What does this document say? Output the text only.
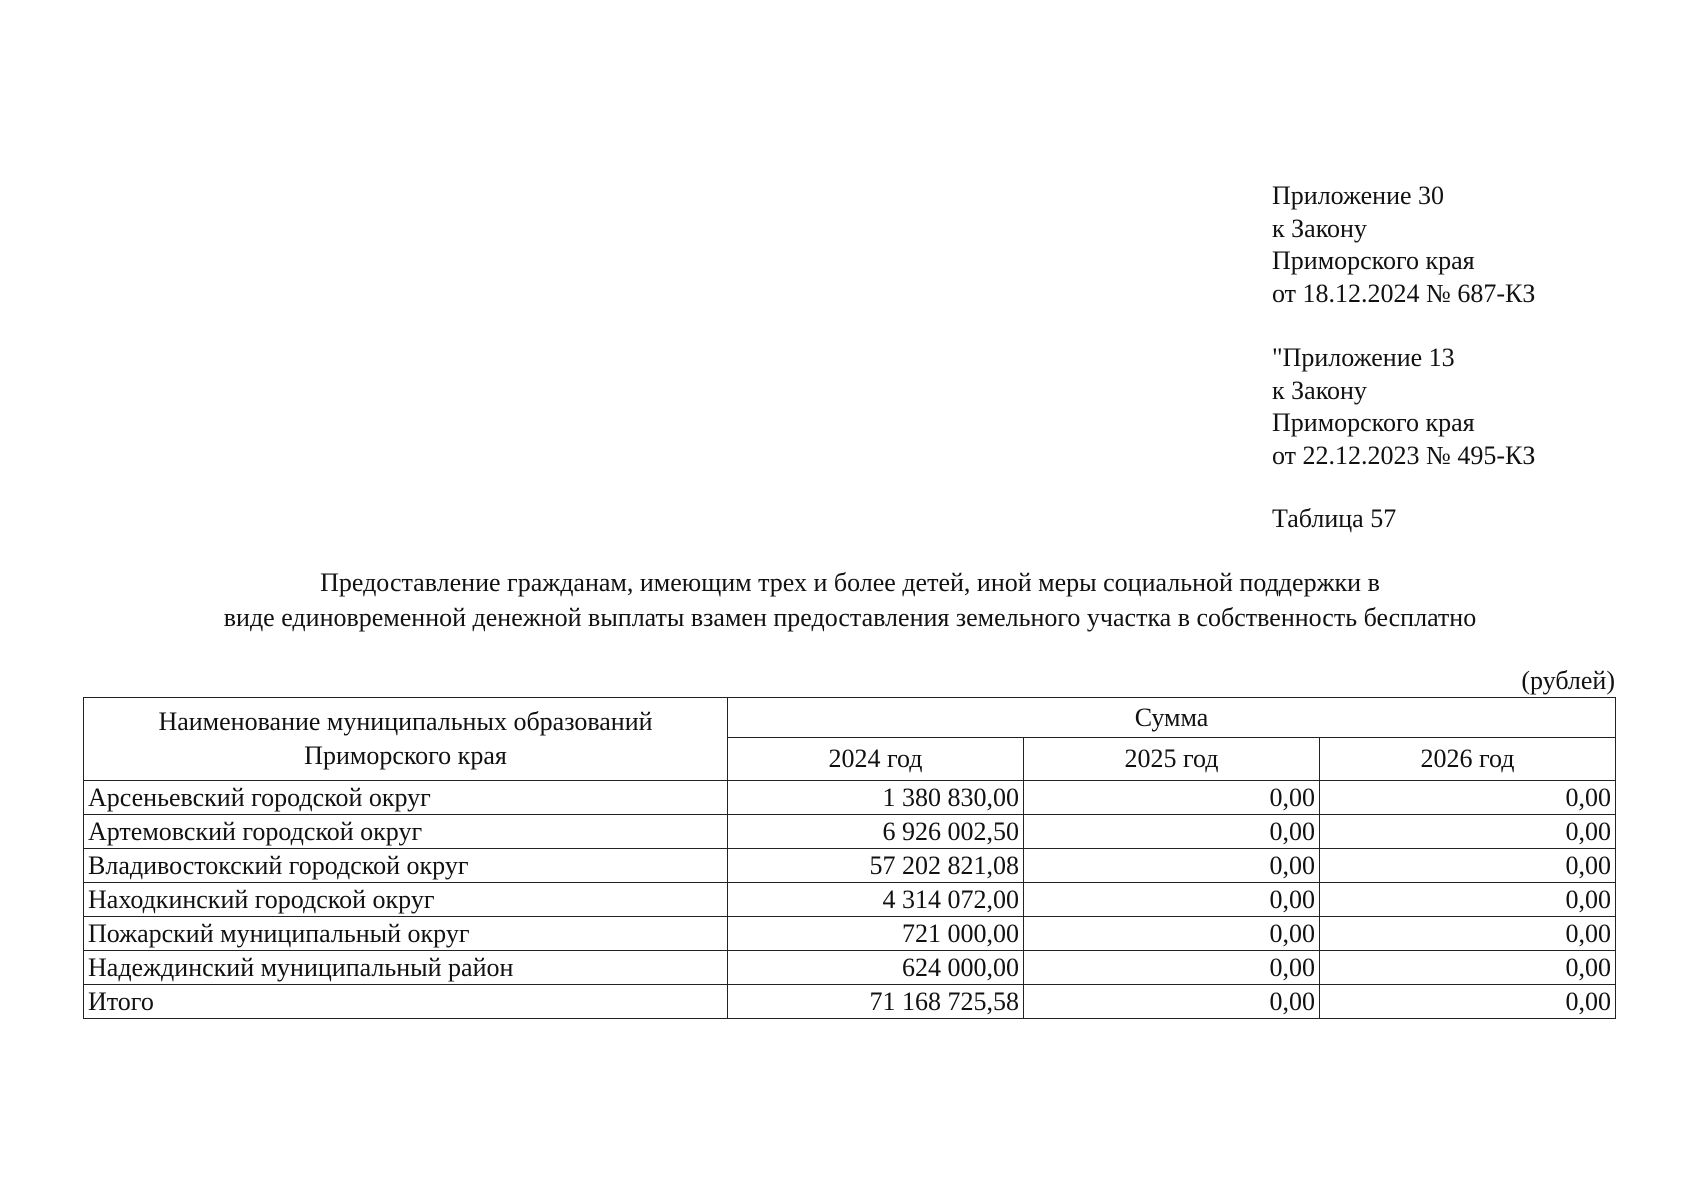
Приложение 30
к Закону
Приморского края
от 18.12.2024 № 687-КЗ
"Приложение 13
к Закону
Приморского края
от 22.12.2023 № 495-КЗ
Таблица 57
Предоставление гражданам, имеющим трех и более детей, иной меры социальной поддержки в
виде единовременной денежной выплаты взамен предоставления земельного участка в собственность бесплатно
(рублей)
Наименование муниципальных образований
Приморского края	Сумма		
	2024 год	2025 год	2026 год
Арсеньевский городской округ	1 380 830,00	0,00	0,00
Артемовский городской округ	6 926 002,50	0,00	0,00
Владивостокский городской округ	57 202 821,08	0,00	0,00
Находкинский городской округ	4 314 072,00	0,00	0,00
Пожарский муниципальный округ	721 000,00	0,00	0,00
Надеждинский муниципальный район	624 000,00	0,00	0,00
Итого	71 168 725,58	0,00	0,00
